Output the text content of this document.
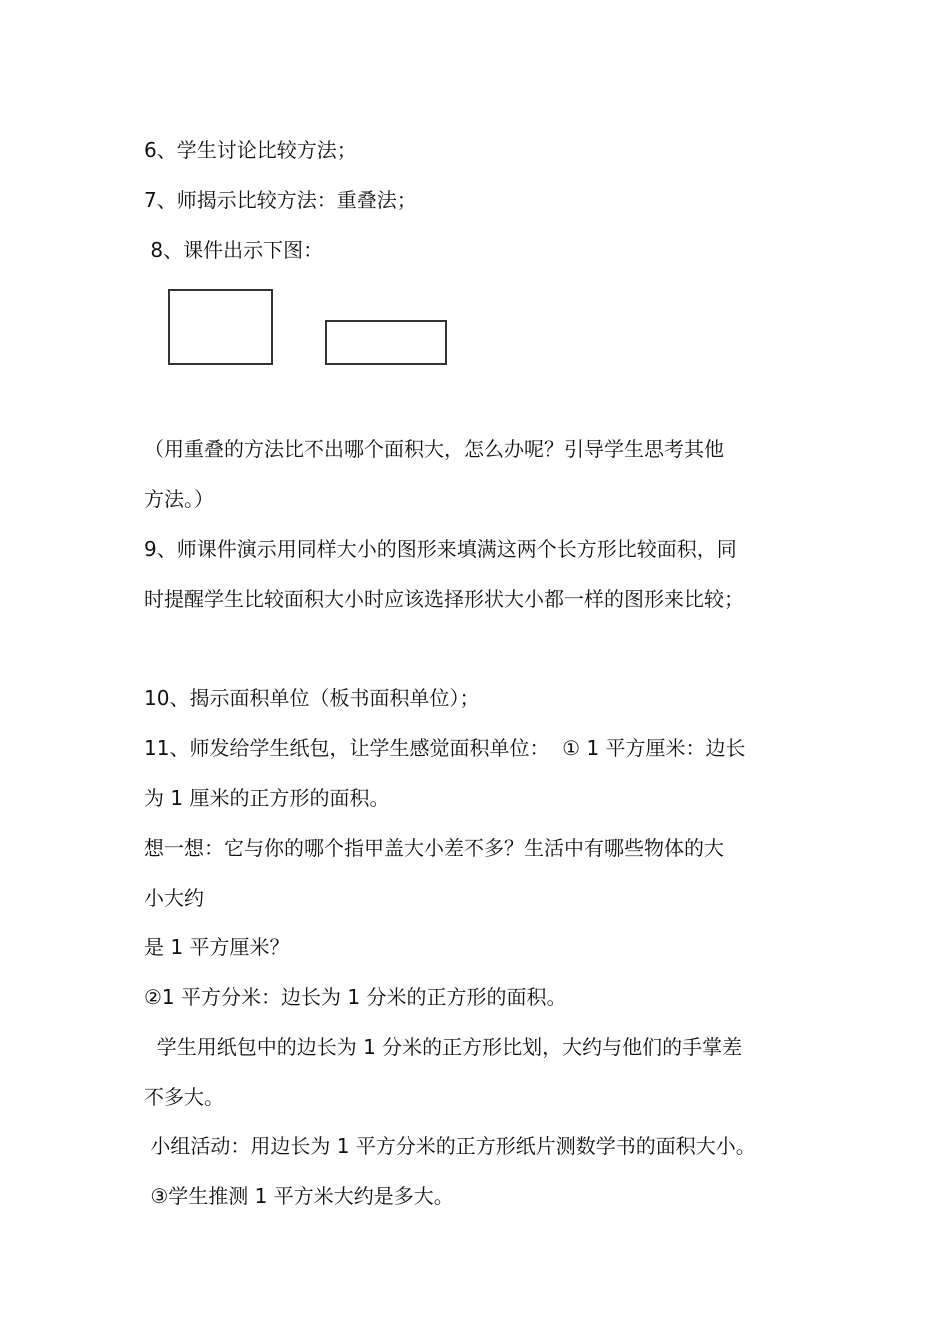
6、学生讨论比较方法；
7、师揭示比较方法：重叠法；
8、课件出示下图：
（用重叠的方法比不出哪个面积大，怎么办呢？引导学生思考其他
方法。）
9、师课件演示用同样大小的图形来填满这两个长方形比较面积，同
时提醒学生比较面积大小时应该选择形状大小都一样的图形来比较；
10、揭示面积单位（板书面积单位）；
11、师发给学生纸包，让学生感觉面积单位：  ① 1 平方厘米：边长
为 1 厘米的正方形的面积。
想一想：它与你的哪个指甲盖大小差不多？生活中有哪些物体的大
小大约
是 1 平方厘米？
②1 平方分米：边长为 1 分米的正方形的面积。
学生用纸包中的边长为 1 分米的正方形比划，大约与他们的手掌差
不多大。
小组活动：用边长为 1 平方分米的正方形纸片测数学书的面积大小。
③学生推测 1 平方米大约是多大。
